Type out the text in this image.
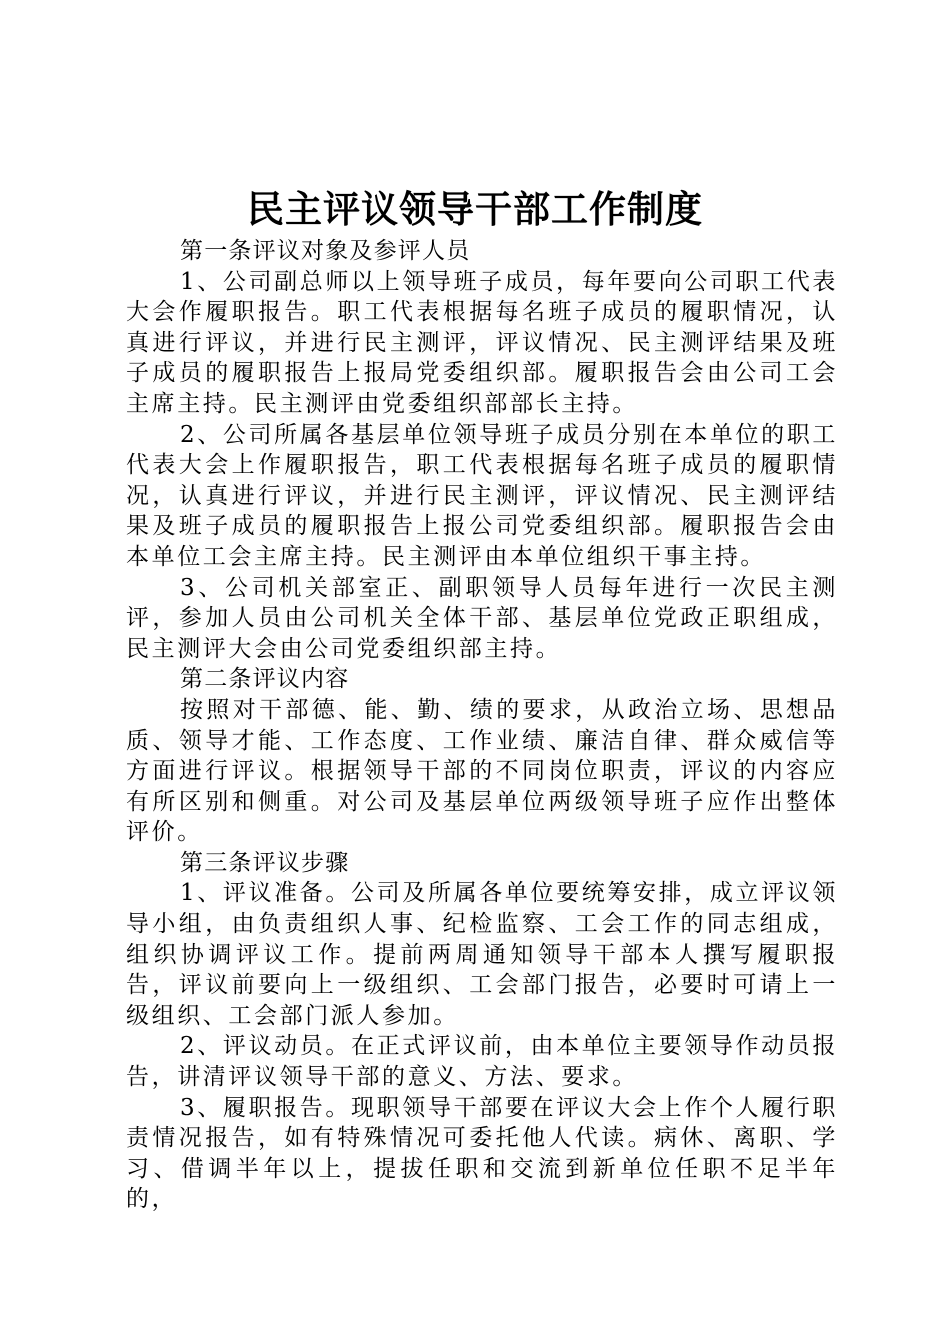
民主评议领导干部工作制度

第一条评议对象及参评人员

1、公司副总师以上领导班子成员，每年要向公司职工代表大会作履职报告。职工代表根据每名班子成员的履职情况，认真进行评议，并进行民主测评，评议情况、民主测评结果及班子成员的履职报告上报局党委组织部。履职报告会由公司工会主席主持。民主测评由党委组织部部长主持。

2、公司所属各基层单位领导班子成员分别在本单位的职工代表大会上作履职报告，职工代表根据每名班子成员的履职情况，认真进行评议，并进行民主测评，评议情况、民主测评结果及班子成员的履职报告上报公司党委组织部。履职报告会由本单位工会主席主持。民主测评由本单位组织干事主持。

3、公司机关部室正、副职领导人员每年进行一次民主测评，参加人员由公司机关全体干部、基层单位党政正职组成，民主测评大会由公司党委组织部主持。

第二条评议内容

按照对干部德、能、勤、绩的要求，从政治立场、思想品质、领导才能、工作态度、工作业绩、廉洁自律、群众威信等方面进行评议。根据领导干部的不同岗位职责，评议的内容应有所区别和侧重。对公司及基层单位两级领导班子应作出整体评价。

第三条评议步骤

1、评议准备。公司及所属各单位要统筹安排，成立评议领导小组，由负责组织人事、纪检监察、工会工作的同志组成，组织协调评议工作。提前两周通知领导干部本人撰写履职报告，评议前要向上一级组织、工会部门报告，必要时可请上一级组织、工会部门派人参加。

2、评议动员。在正式评议前，由本单位主要领导作动员报告，讲清评议领导干部的意义、方法、要求。

3、履职报告。现职领导干部要在评议大会上作个人履行职责情况报告，如有特殊情况可委托他人代读。病休、离职、学习、借调半年以上，提拔任职和交流到新单位任职不足半年的，
